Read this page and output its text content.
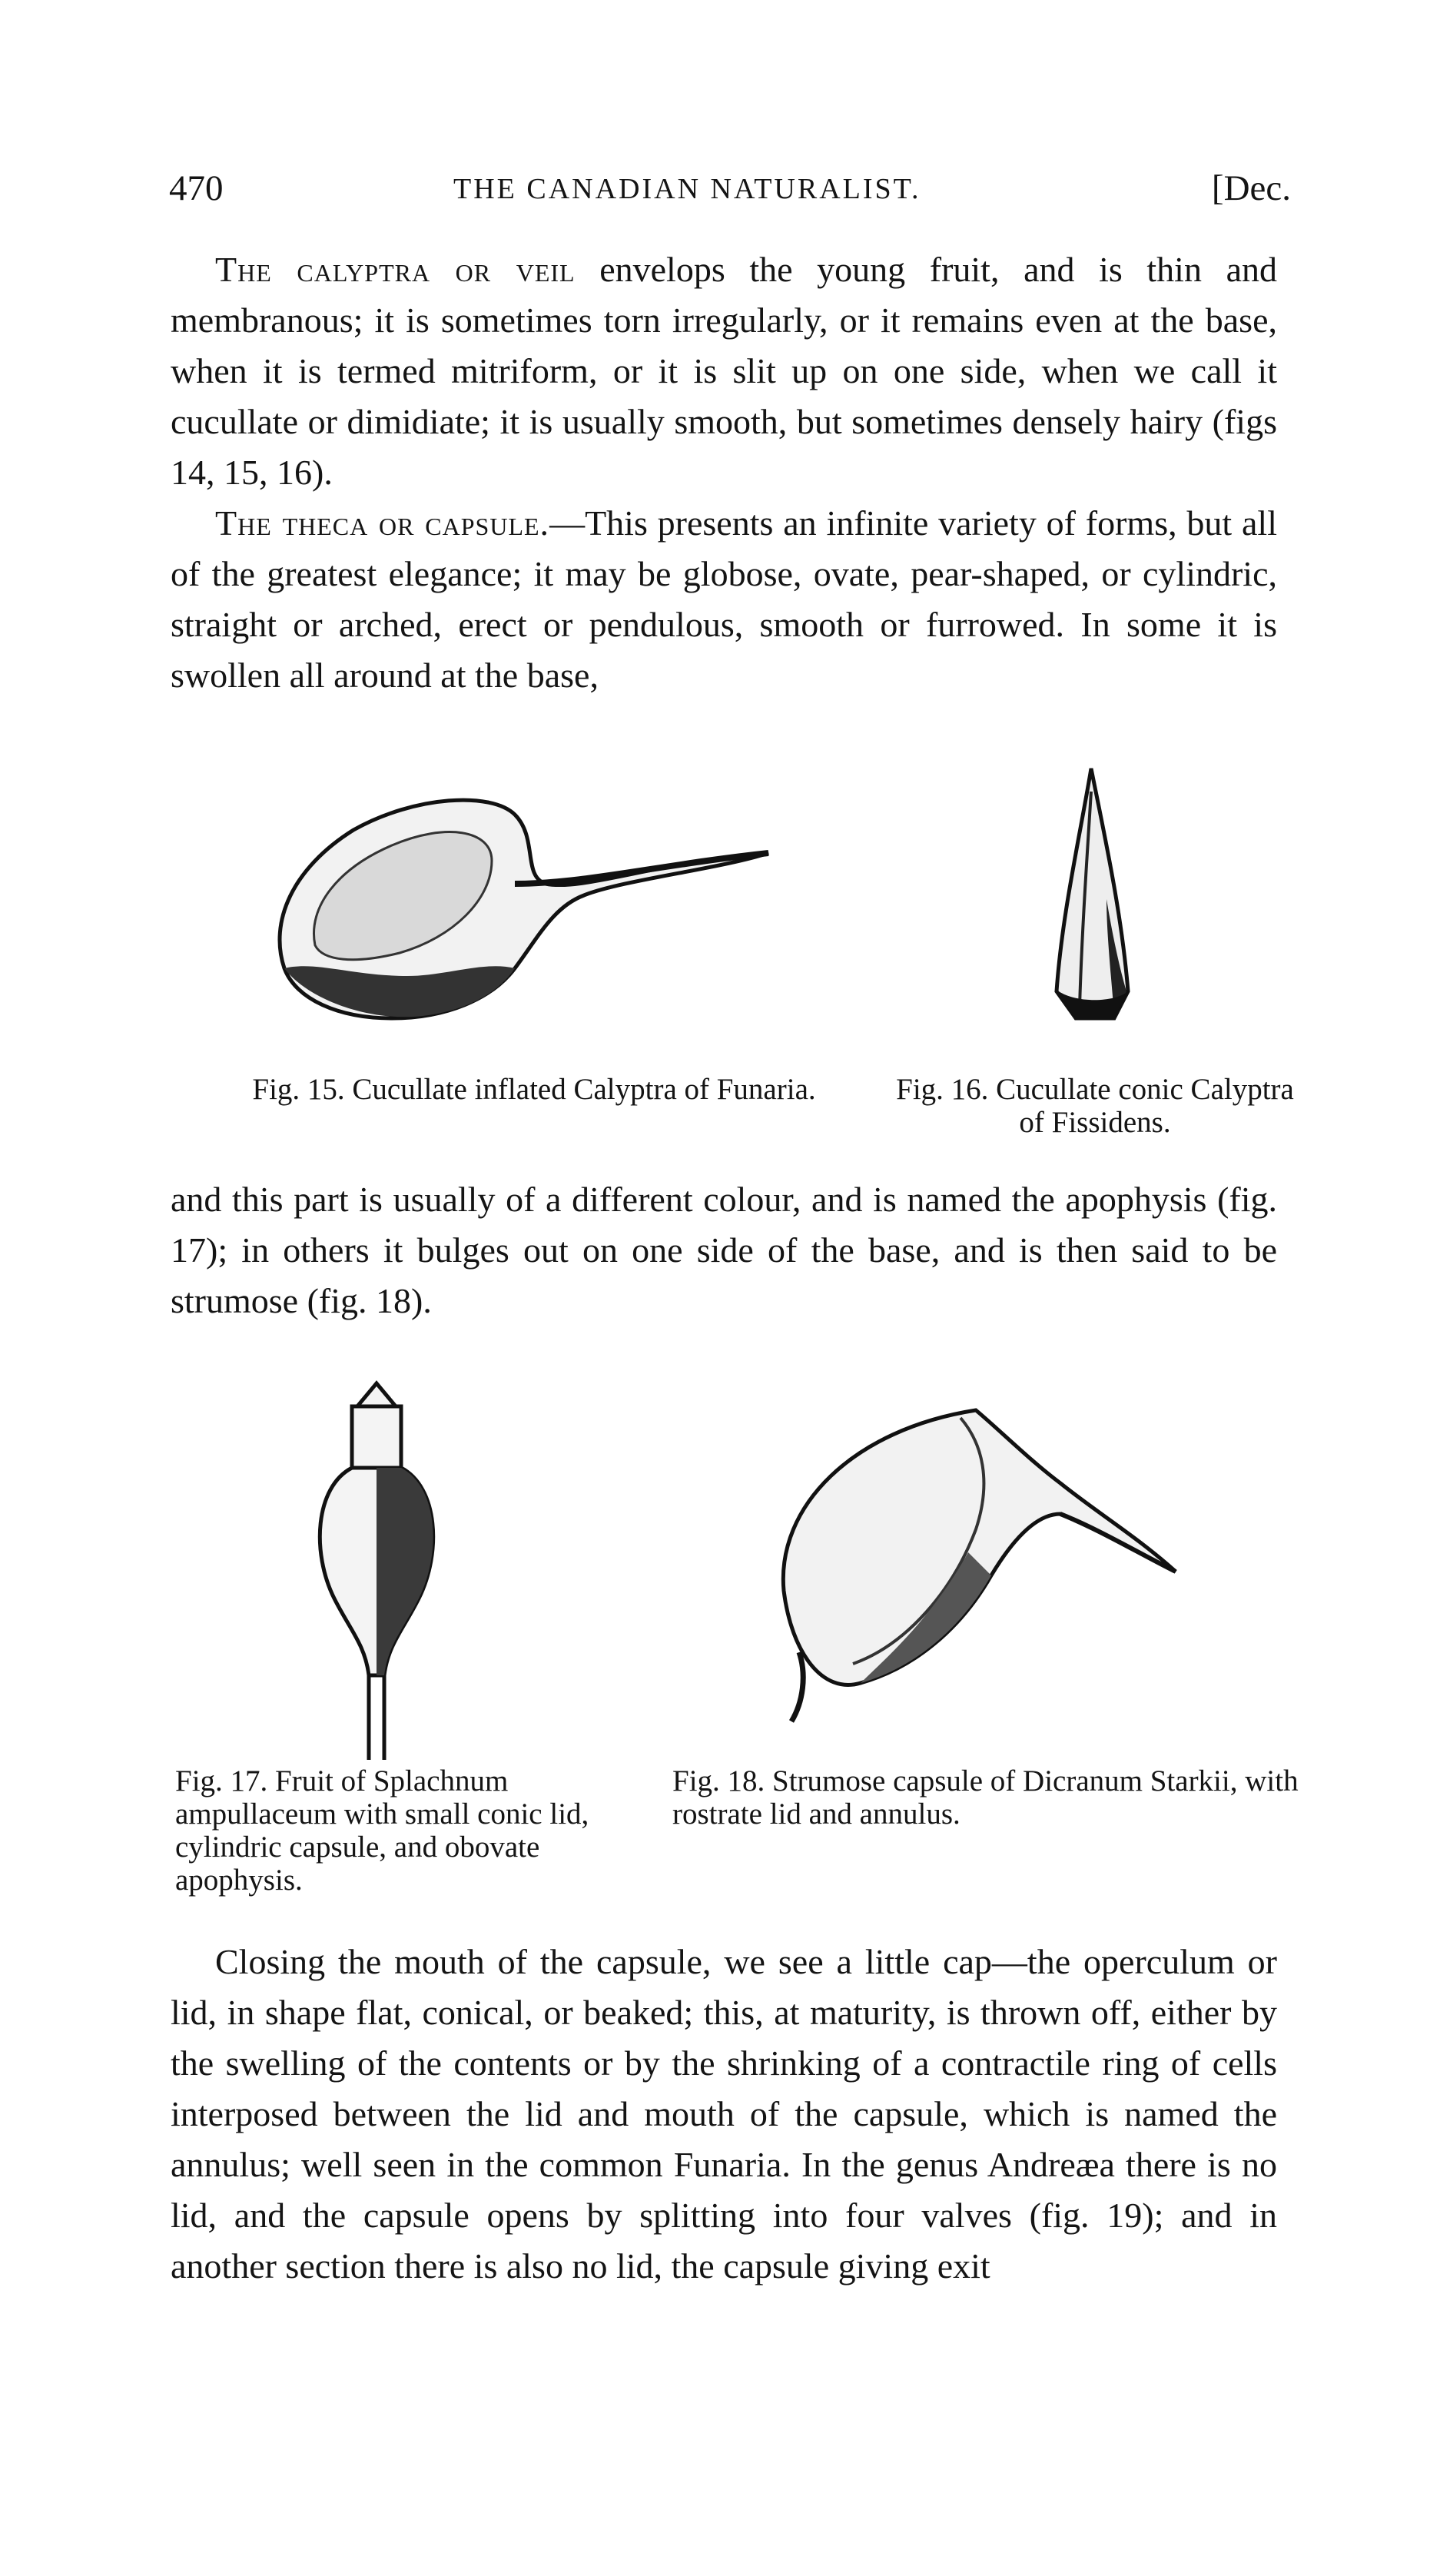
470	THE CANADIAN NATURALIST.	[Dec.

The calyptra or veil envelops the young fruit, and is thin and membranous; it is sometimes torn irregularly, or it remains even at the base, when it is termed mitriform, or it is slit up on one side, when we call it cucullate or dimidiate; it is usually smooth, but sometimes densely hairy (figs 14, 15, 16).

The theca or capsule.—This presents an infinite variety of forms, but all of the greatest elegance; it may be globose, ovate, pear-shaped, or cylindric, straight or arched, erect or pendulous, smooth or furrowed. In some it is swollen all around at the base,

Fig. 15. Cucullate inflated Calyptra of Funaria.	Fig. 16. Cucullate conic Calyptra of Fissidens.

and this part is usually of a different colour, and is named the apophysis (fig. 17); in others it bulges out on one side of the base, and is then said to be strumose (fig. 18).

Fig. 17. Fruit of Splachnum ampullaceum with small conic lid, cylindric capsule, and obovate apophysis.
Fig. 18. Strumose capsule of Dicranum Starkii, with rostrate lid and annulus.

Closing the mouth of the capsule, we see a little cap—the operculum or lid, in shape flat, conical, or beaked; this, at maturity, is thrown off, either by the swelling of the contents or by the shrinking of a contractile ring of cells interposed between the lid and mouth of the capsule, which is named the annulus; well seen in the common Funaria. In the genus Andreæa there is no lid, and the capsule opens by splitting into four valves (fig. 19); and in another section there is also no lid, the capsule giving exit
